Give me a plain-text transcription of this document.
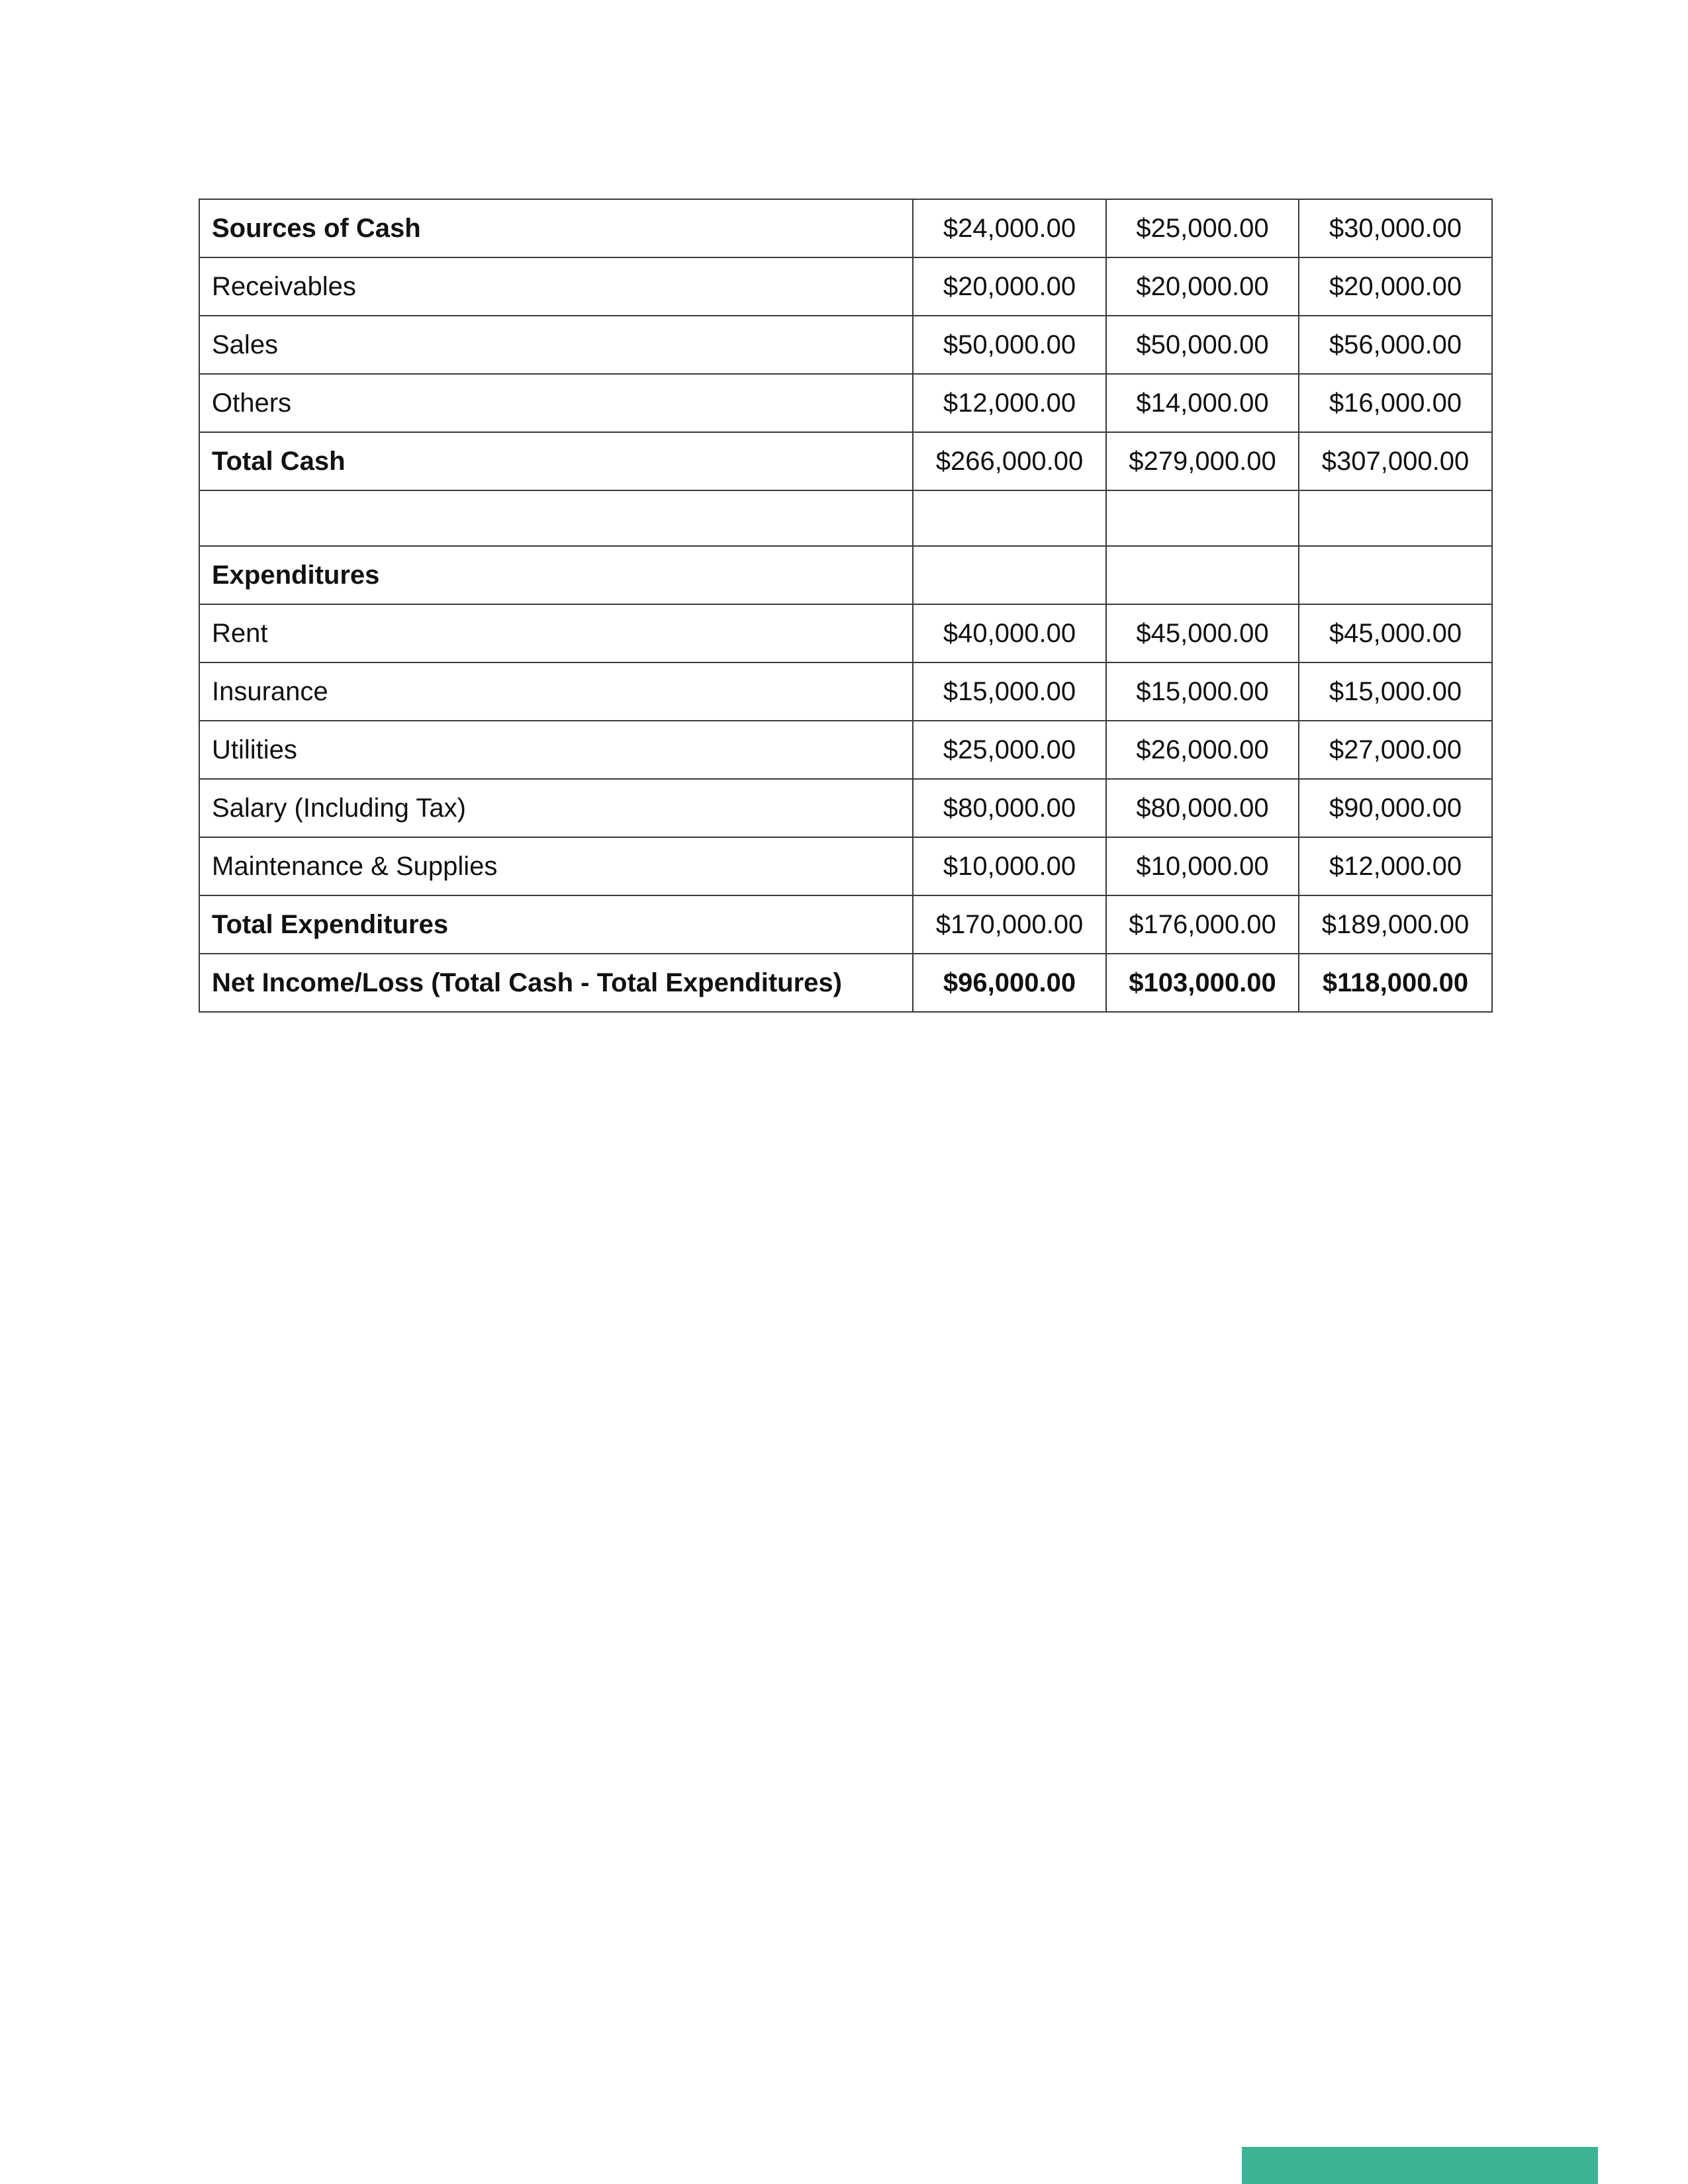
Sources of Cash	$24,000.00	$25,000.00	$30,000.00
Receivables	$20,000.00	$20,000.00	$20,000.00
Sales	$50,000.00	$50,000.00	$56,000.00
Others	$12,000.00	$14,000.00	$16,000.00
Total Cash	$266,000.00	$279,000.00	$307,000.00

Expenditures			
Rent	$40,000.00	$45,000.00	$45,000.00
Insurance	$15,000.00	$15,000.00	$15,000.00
Utilities	$25,000.00	$26,000.00	$27,000.00
Salary (Including Tax)	$80,000.00	$80,000.00	$90,000.00
Maintenance & Supplies	$10,000.00	$10,000.00	$12,000.00
Total Expenditures	$170,000.00	$176,000.00	$189,000.00
Net Income/Loss (Total Cash - Total Expenditures)	$96,000.00	$103,000.00	$118,000.00
